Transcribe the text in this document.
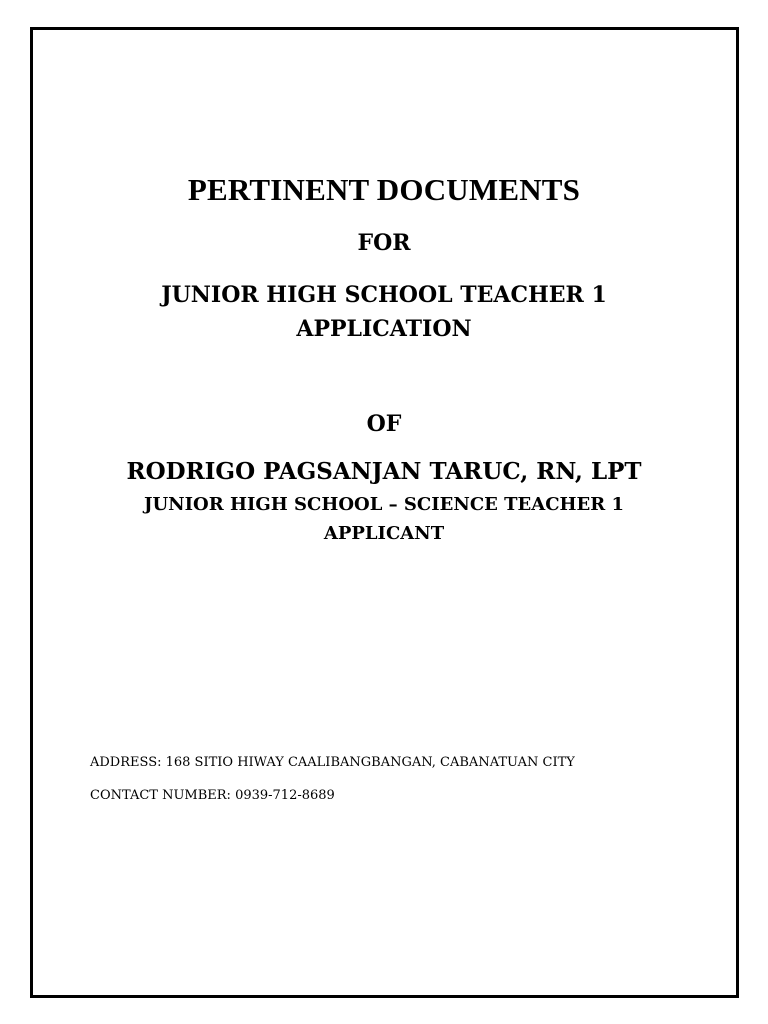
PERTINENT DOCUMENTS
FOR
JUNIOR HIGH SCHOOL TEACHER 1
APPLICATION
OF
RODRIGO PAGSANJAN TARUC, RN, LPT
JUNIOR HIGH SCHOOL – SCIENCE TEACHER 1
APPLICANT
ADDRESS: 168 SITIO HIWAY CAALIBANGBANGAN, CABANATUAN CITY
CONTACT NUMBER: 0939-712-8689
